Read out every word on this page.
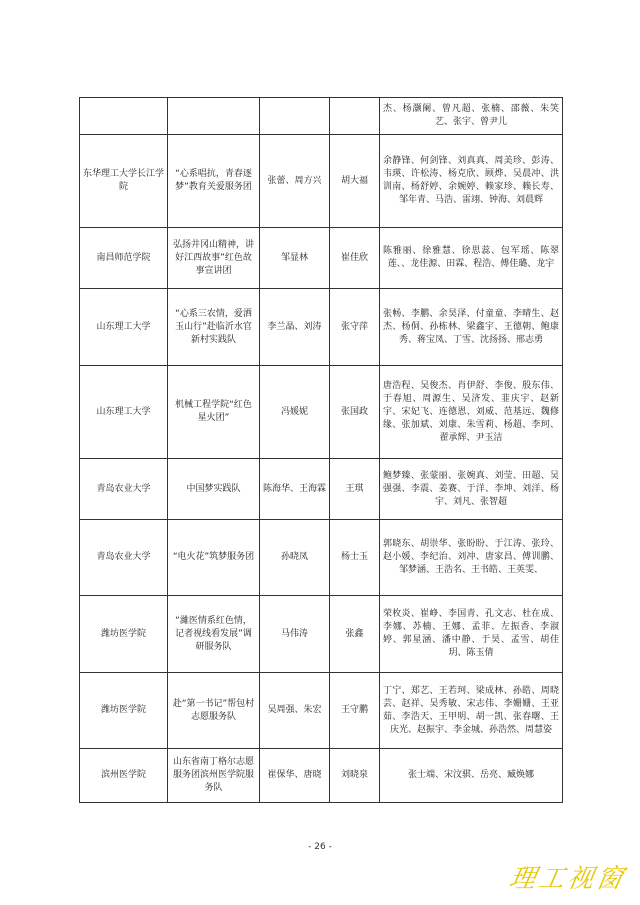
				杰、杨灏阑、曾凡超、张楠、邵薇、朱笑艺、张宇、曾尹儿
东华理工大学长江学院	“心系唱抗，青春逐梦”教育关爱服务团	张蕾、周方兴	胡大福	余静锋、何剑锋、刘真真、周美珍、彭涛、韦瑛、许松涛、杨克欣、顾烨、吴晨冲、洪训南、杨舒婷、余婉婷、赖家珍、赖长寿、邹年青、马浩、雷翊、钟海、刘晨辉
南昌师范学院	弘扬井冈山精神，讲好江西故事”红色故事宣讲团	邹显林	崔佳欣	陈雅丽、徐雅慧、徐思蕊、包军瑶、陈翠莲、、龙佳源、田霖、程浩、傅佳璐、龙宇
山东理工大学	“心系三农情，爱洒玉山行”赴临沂水官新村实践队	李兰晶、刘涛	张守萍	张畅、李鹏、余昊泽、付童童、李晴生、赵杰、杨侗、孙栋林、梁鑫宇、王德朝、鲍康秀、蒋宝凤、丁雪、沈扬扬、邢志勇
山东理工大学	机械工程学院“红色星火团”	冯媛妮	张国政	唐浩程、吴俊杰、肖伊舒、李俊、殷东伟、于春旭、周源生、吴济发、韮庆宇、赵新宇、宋妃飞、连德恩、刘威、范基远、魏修缘、张加斌、刘康、朱雪莉、杨超、李珂、翟承辉、尹玉洁
青岛农业大学	中国梦实践队	陈海华、王海霖	王琪	鲍梦臻、张蒙丽、张婉真、刘莹、田超、吴强强、李震、姜赛、于洋、李坤、刘洋、杨宇、刘凡、张智超
青岛农业大学	“电火花”筑梦服务团	孙晓凤	杨士玉	郭晓东、胡崇华、张盼盼、于江涛、张玲、赵小媛、李纪治、刘冲、唐家昌、傅训鹏、邹梦涵、王浩名、王书皓、王英雯、
潍坊医学院	“濰医情系红色情，记者视线看发展”调研服务队	马伟涛	张鑫	荣枚炎、崔峥、李国青、孔文志、杜在成、李娜、苏楠、王娜、孟菲、左振香、李淑婷、郭星涵、潘中静、于昊、孟雪、胡佳玥、陈玉倩
潍坊医学院	赴“第一书记”帮包村志愿服务队	吴周强、朱宏	王守鹏	丁宁、郑艺、王若珂、梁成林、孙皓、周晓芸、赵祥、吴秀敏、宋志伟、李姗姗、王亚茹、李浩天、王甲明、胡一凯、张春曙、王庆光、赵振宇、李金城、孙浩然、周慧姿
滨州医学院	山东省南丁格尔志愿服务团滨州医学院服务队	崔保华、唐晓	刘晓泉	张士端、宋汶骐、岳亮、臧焕娜
- 26 -
理工视窗
